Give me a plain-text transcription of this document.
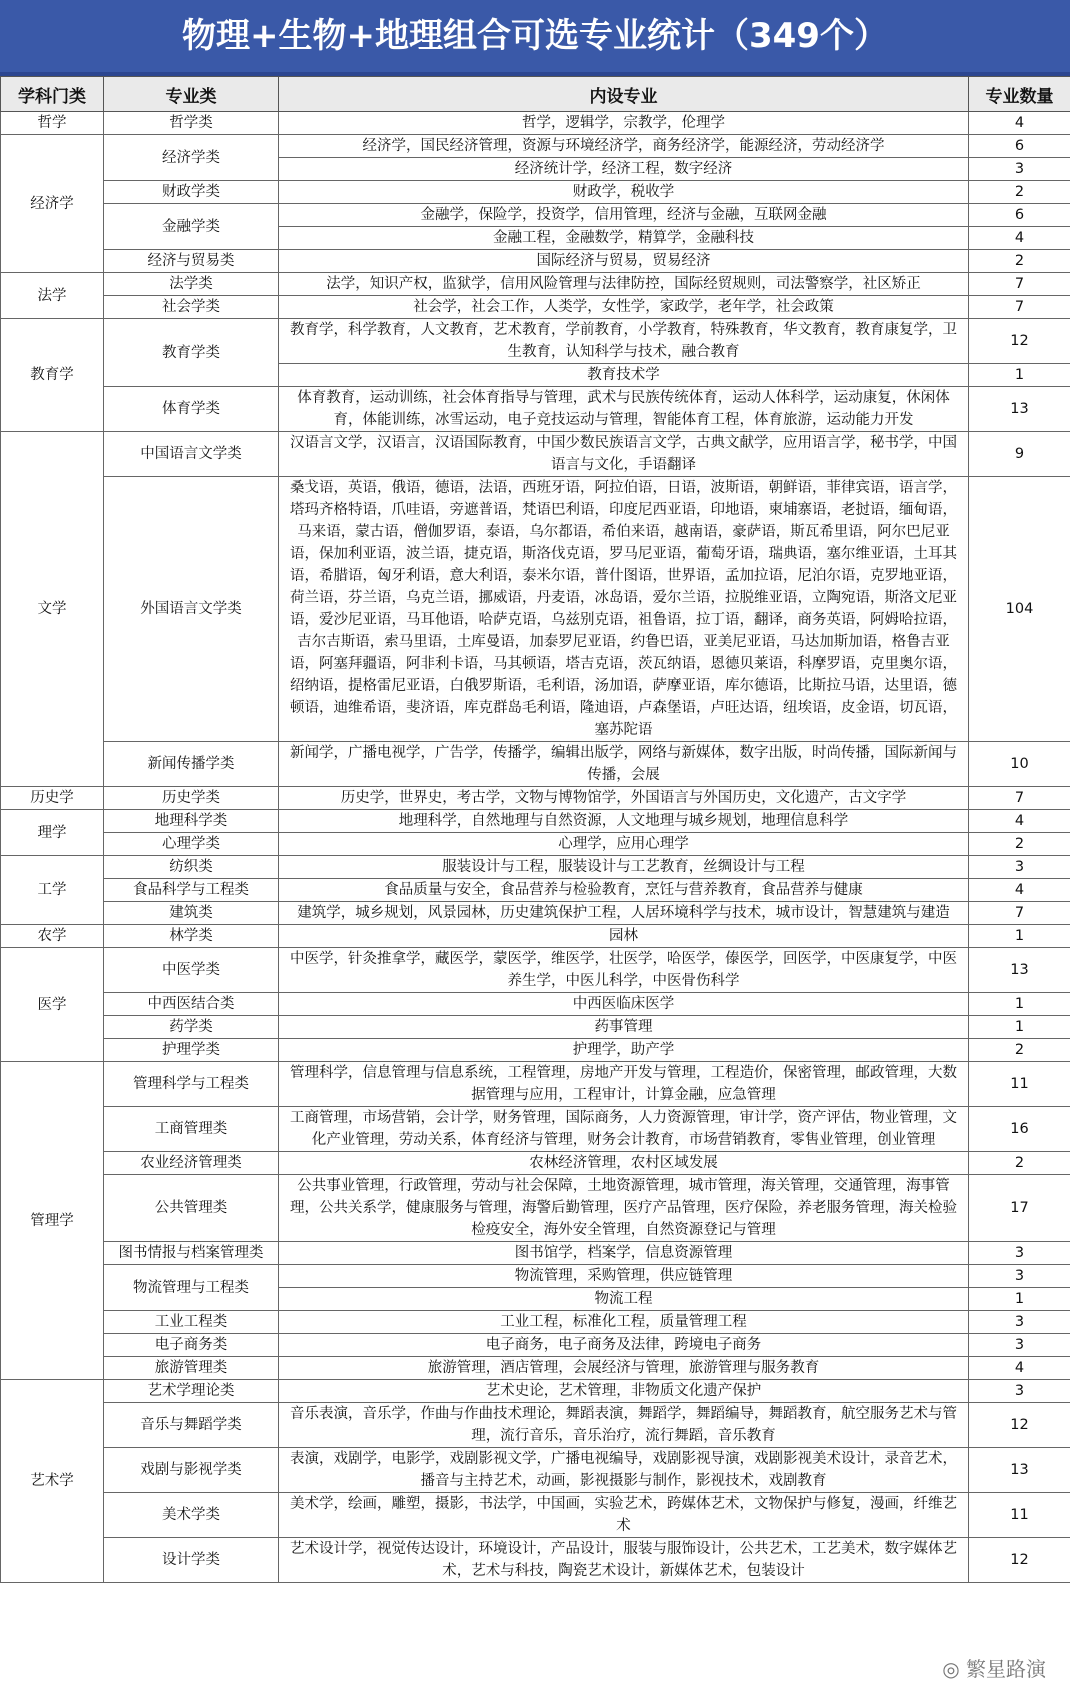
物理+生物+地理组合可选专业统计（349个）
学科门类	专业类	内设专业	专业数量
哲学	哲学类	哲学，逻辑学，宗教学，伦理学	4
经济学	经济学类	经济学，国民经济管理，资源与环境经济学，商务经济学，能源经济，劳动经济学	6
		经济统计学，经济工程，数字经济	3
	财政学类	财政学，税收学	2
	金融学类	金融学，保险学，投资学，信用管理，经济与金融，互联网金融	6
		金融工程，金融数学，精算学，金融科技	4
	经济与贸易类	国际经济与贸易，贸易经济	2
法学	法学类	法学，知识产权，监狱学，信用风险管理与法律防控，国际经贸规则，司法警察学，社区矫正	7
	社会学类	社会学，社会工作，人类学，女性学，家政学，老年学，社会政策	7
教育学	教育学类	教育学，科学教育，人文教育，艺术教育，学前教育，小学教育，特殊教育，华文教育，教育康复学，卫生教育，认知科学与技术，融合教育	12
		教育技术学	1
	体育学类	体育教育，运动训练，社会体育指导与管理，武术与民族传统体育，运动人体科学，运动康复，休闲体育，体能训练，冰雪运动，电子竞技运动与管理，智能体育工程，体育旅游，运动能力开发	13
文学	中国语言文学类	汉语言文学，汉语言，汉语国际教育，中国少数民族语言文学，古典文献学，应用语言学，秘书学，中国语言与文化，手语翻译	9
	外国语言文学类	桑戈语，英语，俄语，德语，法语，西班牙语，阿拉伯语，日语，波斯语，朝鲜语，菲律宾语，语言学，塔玛齐格特语，爪哇语，旁遮普语，梵语巴利语，印度尼西亚语，印地语，柬埔寨语，老挝语，缅甸语，马来语，蒙古语，僧伽罗语，泰语，乌尔都语，希伯来语，越南语，豪萨语，斯瓦希里语，阿尔巴尼亚语，保加利亚语，波兰语，捷克语，斯洛伐克语，罗马尼亚语，葡萄牙语，瑞典语，塞尔维亚语，土耳其语，希腊语，匈牙利语，意大利语，泰米尔语，普什图语，世界语，孟加拉语，尼泊尔语，克罗地亚语，荷兰语，芬兰语，乌克兰语，挪威语，丹麦语，冰岛语，爱尔兰语，拉脱维亚语，立陶宛语，斯洛文尼亚语，爱沙尼亚语，马耳他语，哈萨克语，乌兹别克语，祖鲁语，拉丁语，翻译，商务英语，阿姆哈拉语，吉尔吉斯语，索马里语，土库曼语，加泰罗尼亚语，约鲁巴语，亚美尼亚语，马达加斯加语，格鲁吉亚语，阿塞拜疆语，阿非利卡语，马其顿语，塔吉克语，茨瓦纳语，恩德贝莱语，科摩罗语，克里奥尔语，绍纳语，提格雷尼亚语，白俄罗斯语，毛利语，汤加语，萨摩亚语，库尔德语，比斯拉马语，达里语，德顿语，迪维希语，斐济语，库克群岛毛利语，隆迪语，卢森堡语，卢旺达语，纽埃语，皮金语，切瓦语，塞苏陀语	104
	新闻传播学类	新闻学，广播电视学，广告学，传播学，编辑出版学，网络与新媒体，数字出版，时尚传播，国际新闻与传播，会展	10
历史学	历史学类	历史学，世界史，考古学，文物与博物馆学，外国语言与外国历史，文化遗产，古文字学	7
理学	地理科学类	地理科学，自然地理与自然资源，人文地理与城乡规划，地理信息科学	4
	心理学类	心理学，应用心理学	2
工学	纺织类	服装设计与工程，服装设计与工艺教育，丝绸设计与工程	3
	食品科学与工程类	食品质量与安全，食品营养与检验教育，烹饪与营养教育，食品营养与健康	4
	建筑类	建筑学，城乡规划，风景园林，历史建筑保护工程，人居环境科学与技术，城市设计，智慧建筑与建造	7
农学	林学类	园林	1
医学	中医学类	中医学，针灸推拿学，藏医学，蒙医学，维医学，壮医学，哈医学，傣医学，回医学，中医康复学，中医养生学，中医儿科学，中医骨伤科学	13
	中西医结合类	中西医临床医学	1
	药学类	药事管理	1
	护理学类	护理学，助产学	2
管理学	管理科学与工程类	管理科学，信息管理与信息系统，工程管理，房地产开发与管理，工程造价，保密管理，邮政管理，大数据管理与应用，工程审计，计算金融，应急管理	11
	工商管理类	工商管理，市场营销，会计学，财务管理，国际商务，人力资源管理，审计学，资产评估，物业管理，文化产业管理，劳动关系，体育经济与管理，财务会计教育，市场营销教育，零售业管理，创业管理	16
	农业经济管理类	农林经济管理，农村区域发展	2
	公共管理类	公共事业管理，行政管理，劳动与社会保障，土地资源管理，城市管理，海关管理，交通管理，海事管理，公共关系学，健康服务与管理，海警后勤管理，医疗产品管理，医疗保险，养老服务管理，海关检验检疫安全，海外安全管理，自然资源登记与管理	17
	图书情报与档案管理类	图书馆学，档案学，信息资源管理	3
	物流管理与工程类	物流管理，采购管理，供应链管理	3
		物流工程	1
	工业工程类	工业工程，标准化工程，质量管理工程	3
	电子商务类	电子商务，电子商务及法律，跨境电子商务	3
	旅游管理类	旅游管理，酒店管理，会展经济与管理，旅游管理与服务教育	4
艺术学	艺术学理论类	艺术史论，艺术管理，非物质文化遗产保护	3
	音乐与舞蹈学类	音乐表演，音乐学，作曲与作曲技术理论，舞蹈表演，舞蹈学，舞蹈编导，舞蹈教育，航空服务艺术与管理，流行音乐，音乐治疗，流行舞蹈，音乐教育	12
	戏剧与影视学类	表演，戏剧学，电影学，戏剧影视文学，广播电视编导，戏剧影视导演，戏剧影视美术设计，录音艺术，播音与主持艺术，动画，影视摄影与制作，影视技术，戏剧教育	13
	美术学类	美术学，绘画，雕塑，摄影，书法学，中国画，实验艺术，跨媒体艺术，文物保护与修复，漫画，纤维艺术	11
	设计学类	艺术设计学，视觉传达设计，环境设计，产品设计，服装与服饰设计，公共艺术，工艺美术，数字媒体艺术，艺术与科技，陶瓷艺术设计，新媒体艺术，包装设计	12
◎ 繁星路演
